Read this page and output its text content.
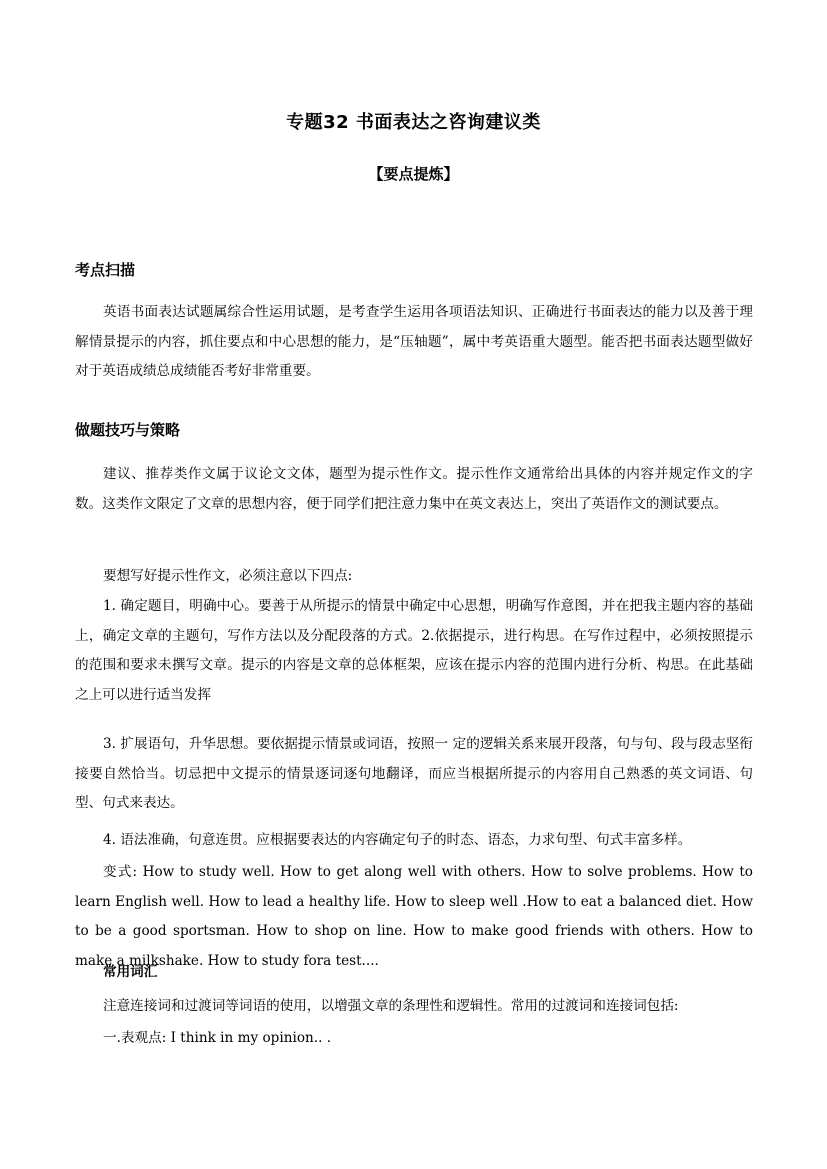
专题32 书面表达之咨询建议类
【要点提炼】
考点扫描

英语书面表达试题属综合性运用试题，是考查学生运用各项语法知识、正确进行书面表达的能力以及善于理解情景提示的内容，抓住要点和中心思想的能力，是“压轴题”，属中考英语重大题型。能否把书面表达题型做好对于英语成绩总成绩能否考好非常重要。

做题技巧与策略

建议、推荐类作文属于议论文文体，题型为提示性作文。提示性作文通常给出具体的内容并规定作文的字数。这类作文限定了文章的思想内容，便于同学们把注意力集中在英文表达上，突出了英语作文的测试要点。

要想写好提示性作文，必须注意以下四点:

1. 确定题目，明确中心。要善于从所提示的情景中确定中心思想，明确写作意图，并在把我主题内容的基础上，确定文章的主题句，写作方法以及分配段落的方式。2.依据提示，进行构思。在写作过程中，必须按照提示的范围和要求未撰写文章。提示的内容是文章的总体框架，应该在提示内容的范围内进行分析、构思。在此基础之上可以进行适当发挥

3. 扩展语句，升华思想。要依据提示情景或词语，按照一 定的逻辑关系来展开段落，句与句、段与段志坚衔接要自然恰当。切忌把中文提示的情景逐词逐句地翻译，而应当根据所提示的内容用自己熟悉的英文词语、句型、句式来表达。

4. 语法准确，句意连贯。应根据要表达的内容确定句子的时态、语态，力求句型、句式丰富多样。

变式: How to study well. How to get along well with others. How to solve problems. How to learn English well. How to lead a healthy life. How to sleep well .How to eat a balanced diet. How to be a good sportsman. How to shop on line. How to make good friends with others. How to make a milkshake. How to study fora test....

常用词汇

注意连接词和过渡词等词语的使用，以增强文章的条理性和逻辑性。常用的过渡词和连接词包括:

一.表观点: I think in my opinion.. .
